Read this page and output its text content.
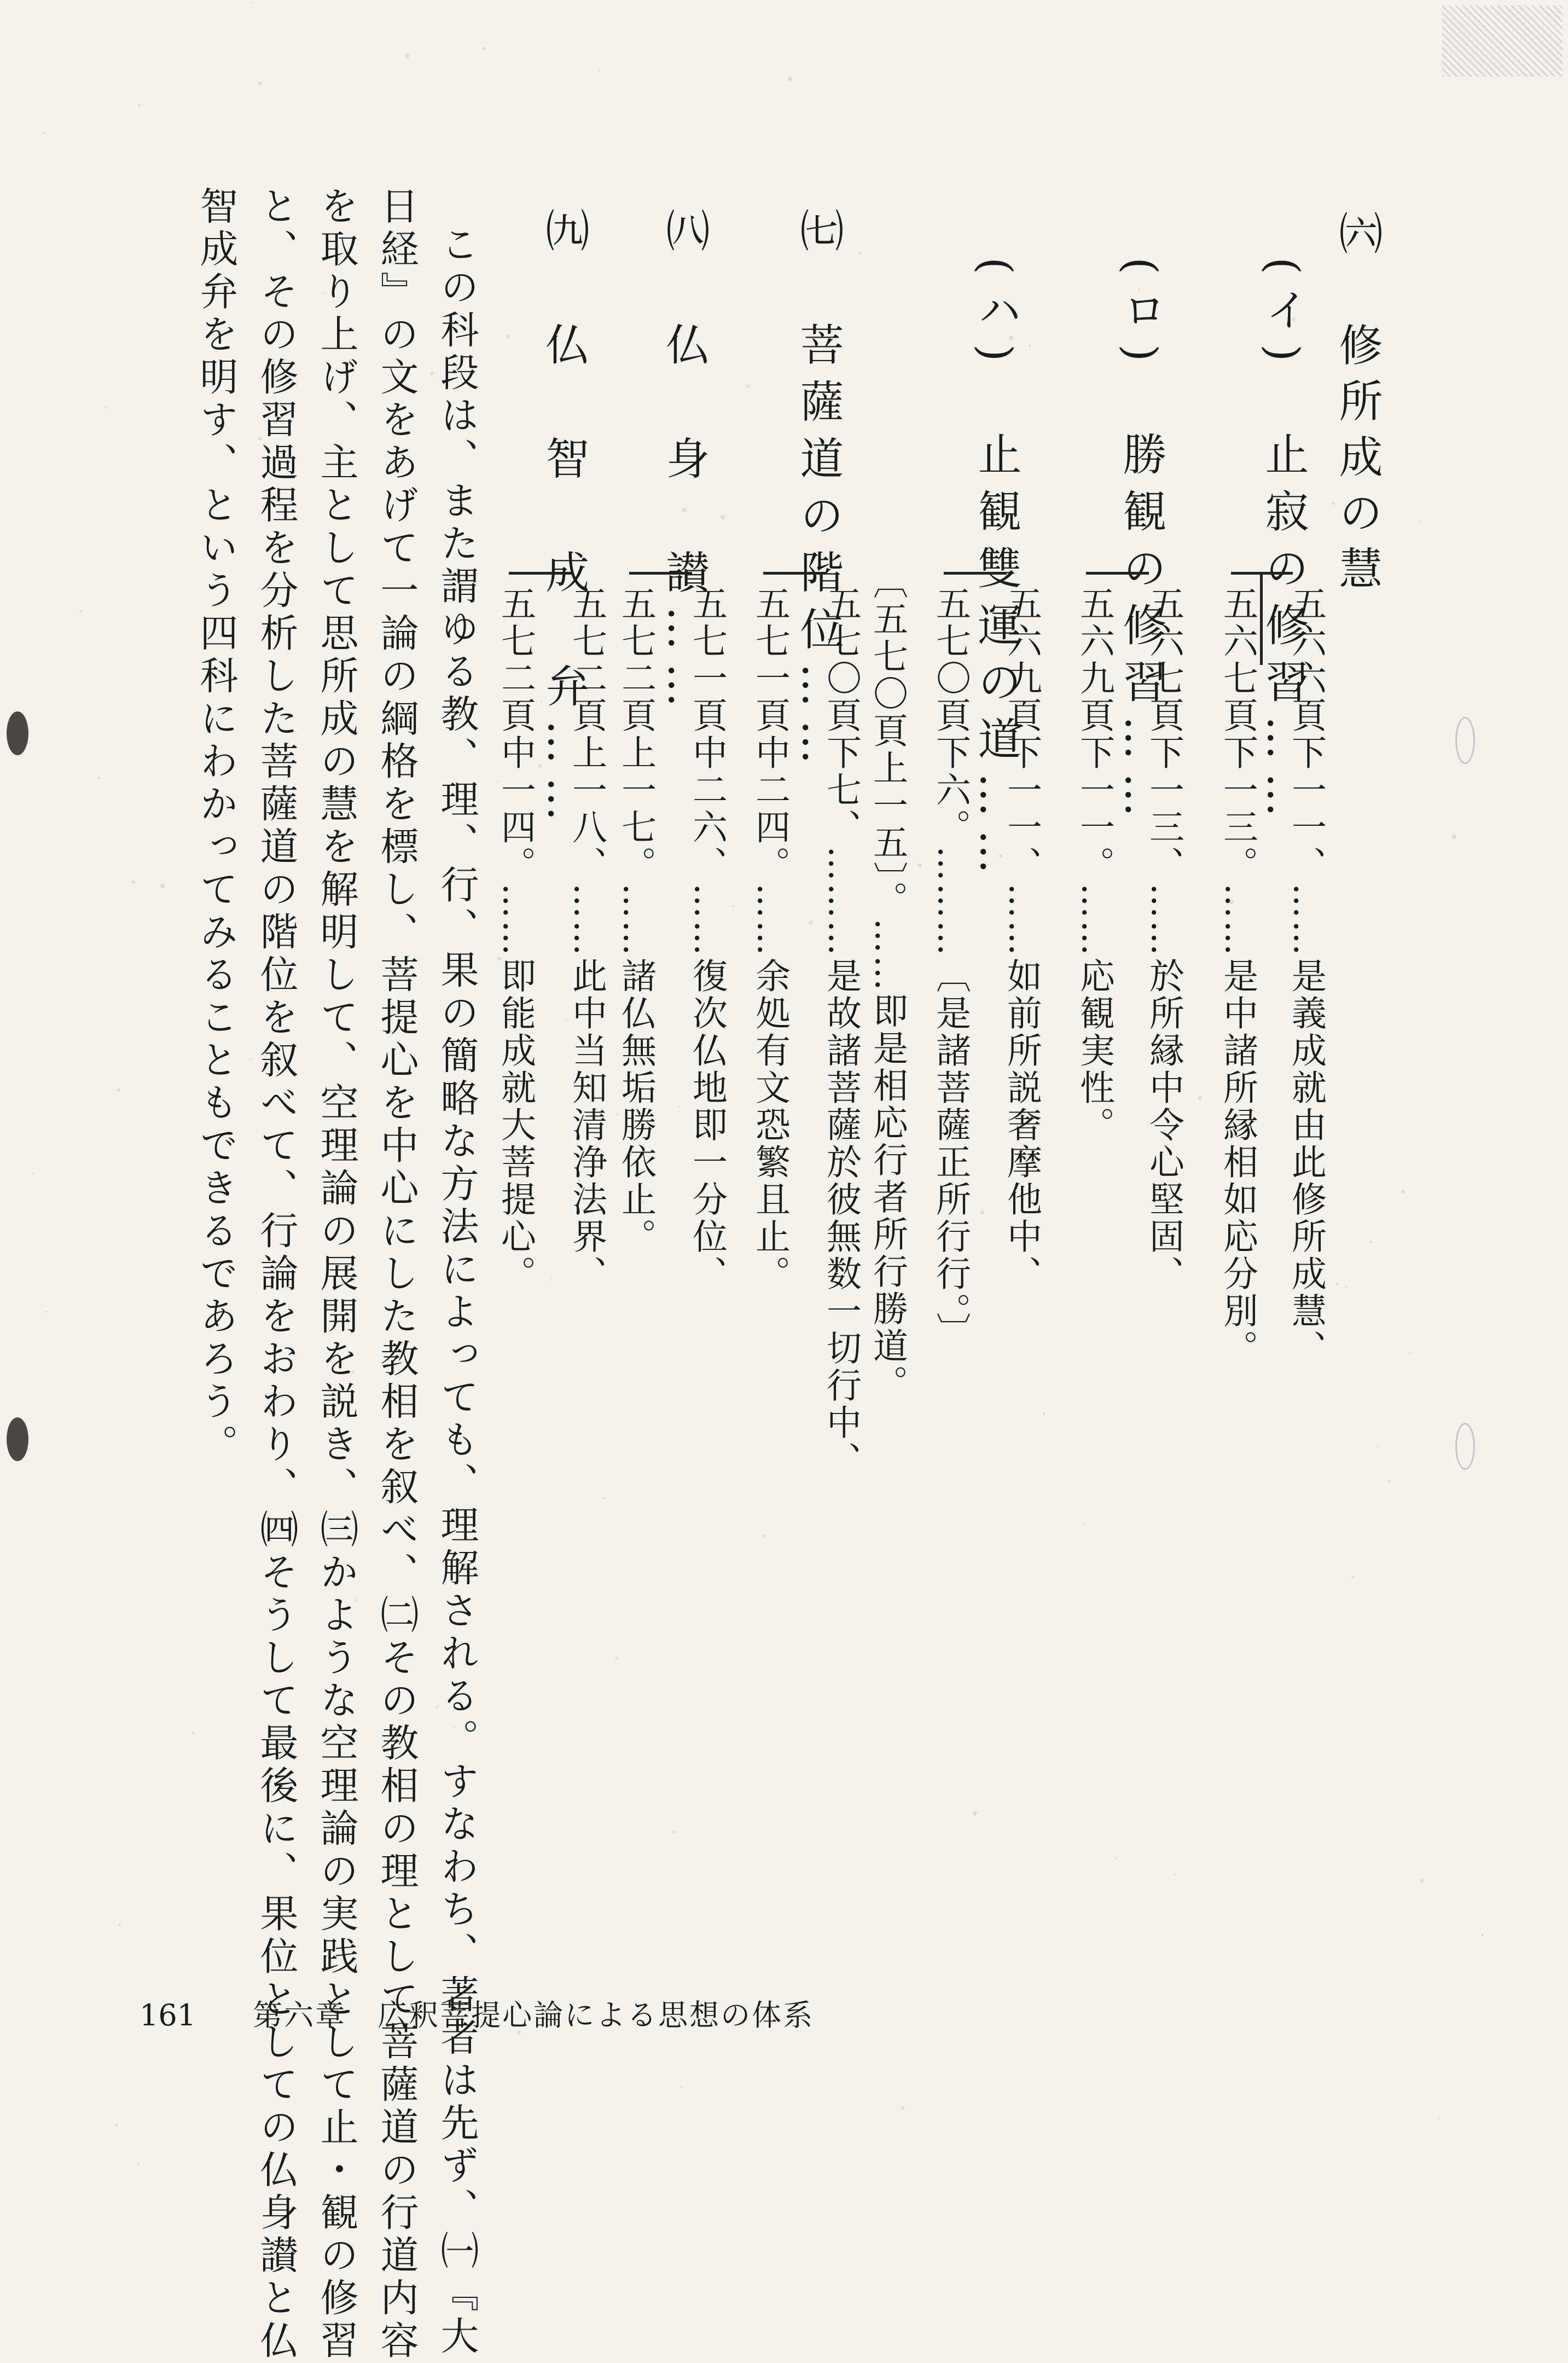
㈥　修所成の慧
(イ)　止寂の修習……
五六六頁下一一、……是義成就由此修所成慧、
五六七頁下一三。……是中諸所縁相如応分別。
(ロ)　勝観の修習……
五六七頁下一三、……於所縁中令心堅固、
五六九頁下一一。……応観実性。
(ハ)　止観雙運の道……
五六九頁下一一、……如前所説奢摩他中、
五七〇頁下六。………〔是諸菩薩正所行行。〕
〔五七〇頁上一五〕。……即是相応行者所行勝道。
㈦　菩薩道の階位……
五七〇頁下七、………是故諸菩薩於彼無数一切行中、
五七一頁中二四。……余処有文恐繁且止。
㈧　仏　身　讃……
五七一頁中二六、……復次仏地即一分位、
五七二頁上一七。……諸仏無垢勝依止。
㈨　仏　智　成　弁……
五七二頁上一八、……此中当知清浄法界、
五七二頁中一四。……即能成就大菩提心。
この科段は、また謂ゆる教、理、行、果の簡略な方法によっても、理解される。すなわち、著者は先ず、㈠『大
日経』の文をあげて一論の綱格を標し、菩提心を中心にした教相を叙べ、㈡その教相の理として菩薩道の行道内容
を取り上げ、主として思所成の慧を解明して、空理論の展開を説き、㈢かような空理論の実践として止・観の修習
と、その修習過程を分析した菩薩道の階位を叙べて、行論をおわり、㈣そうして最後に、果位としての仏身讃と仏
智成弁を明す、という四科にわかってみることもできるであろう。
161 第六章　広釈菩提心論による思想の体系
